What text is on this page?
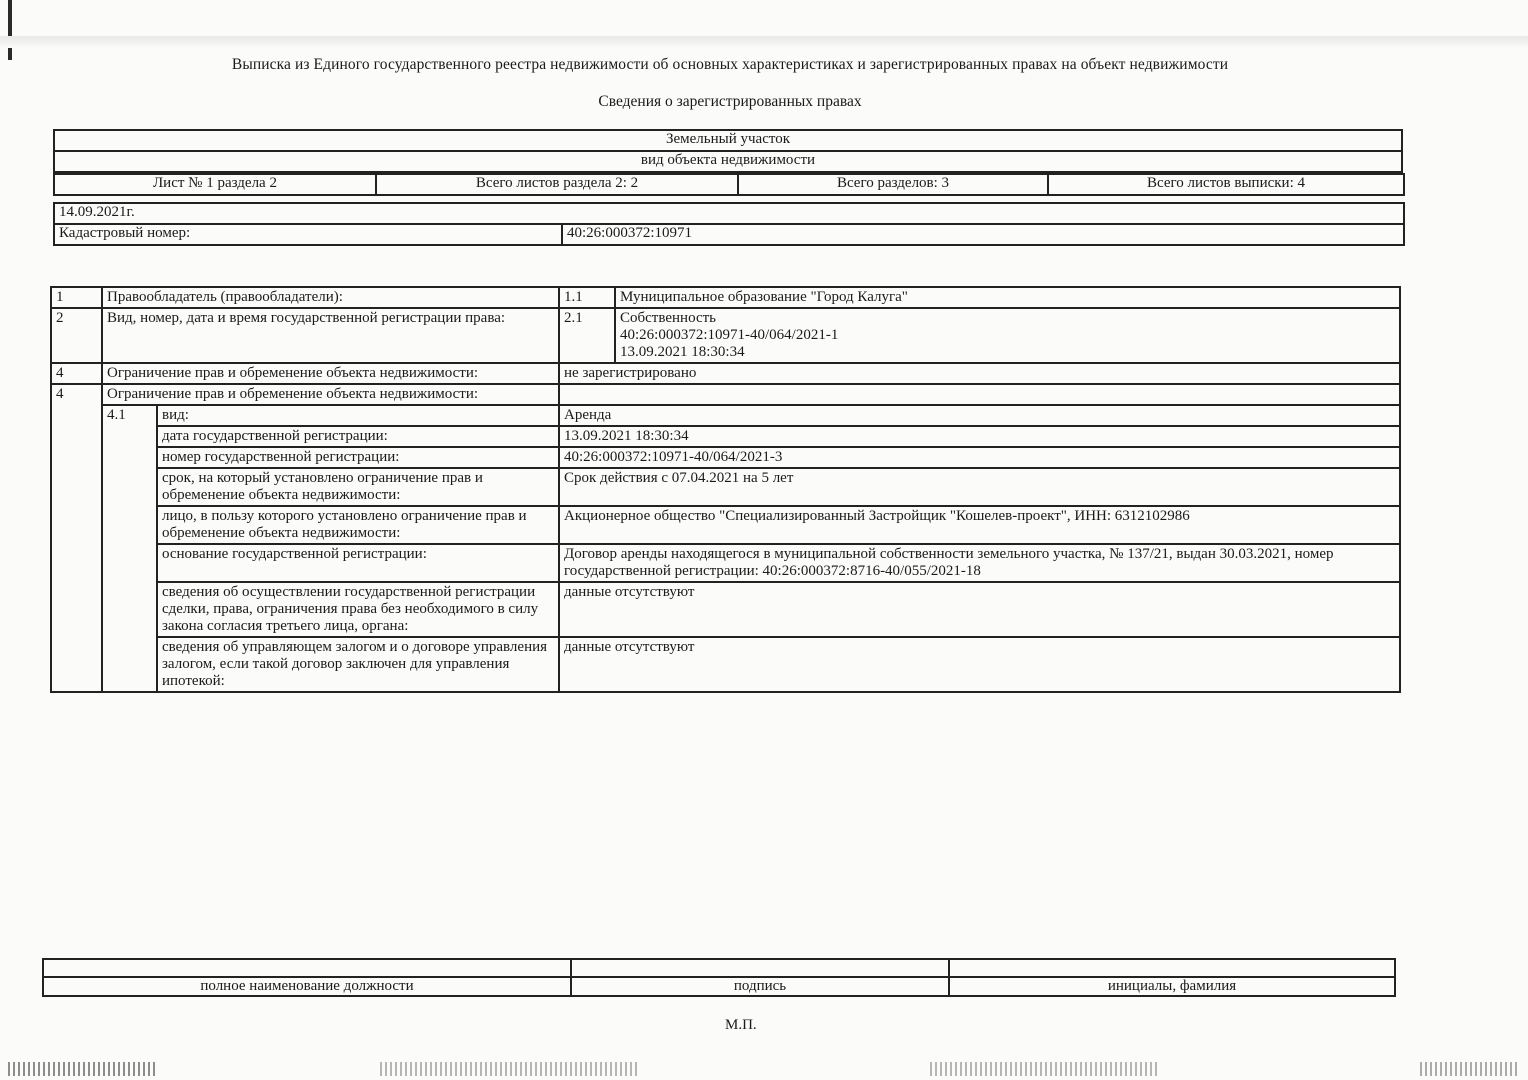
Выписка из Единого государственного реестра недвижимости об основных характеристиках и зарегистрированных правах на объект недвижимости
Сведения о зарегистрированных правах
Земельный участок
вид объекта недвижимости
Лист № 1 раздела 2	Всего листов раздела 2: 2	Всего разделов: 3	Всего листов выписки: 4
14.09.2021г.
Кадастровый номер:	40:26:000372:10971
1	Правообладатель (правообладатели):		1.1	Муниципальное образование "Город Калуга"
2	Вид, номер, дата и время государственной регистрации права:		2.1	Собственность
40:26:000372:10971-40/064/2021-1
13.09.2021 18:30:34

4	Ограничение прав и обременение объекта недвижимости:		не зарегистрировано	
4	Ограничение прав и обременение объекта недвижимости:			
	4.1	вид:	Аренда	
		дата государственной регистрации:	13.09.2021 18:30:34	
		номер государственной регистрации:	40:26:000372:10971-40/064/2021-3	
		срок, на который установлено ограничение прав и обременение объекта недвижимости:	Срок действия с 07.04.2021 на 5 лет	
		лицо, в пользу которого установлено ограничение прав и обременение объекта недвижимости:	Акционерное общество "Специализированный Застройщик "Кошелев-проект", ИНН: 6312102986	
		основание государственной регистрации:	Договор аренды находящегося в муниципальной собственности земельного участка, № 137/21, выдан 30.03.2021, номер государственной регистрации: 40:26:000372:8716-40/055/2021-18	
		сведения об осуществлении государственной регистрации сделки, права, ограничения права без необходимого в силу закона согласия третьего лица, органа:	данные отсутствуют	
		сведения об управляющем залогом и о договоре управления залогом, если такой договор заключен для управления ипотекой:	данные отсутствуют	

полное наименование должности	подпись	инициалы, фамилия
М.П.
